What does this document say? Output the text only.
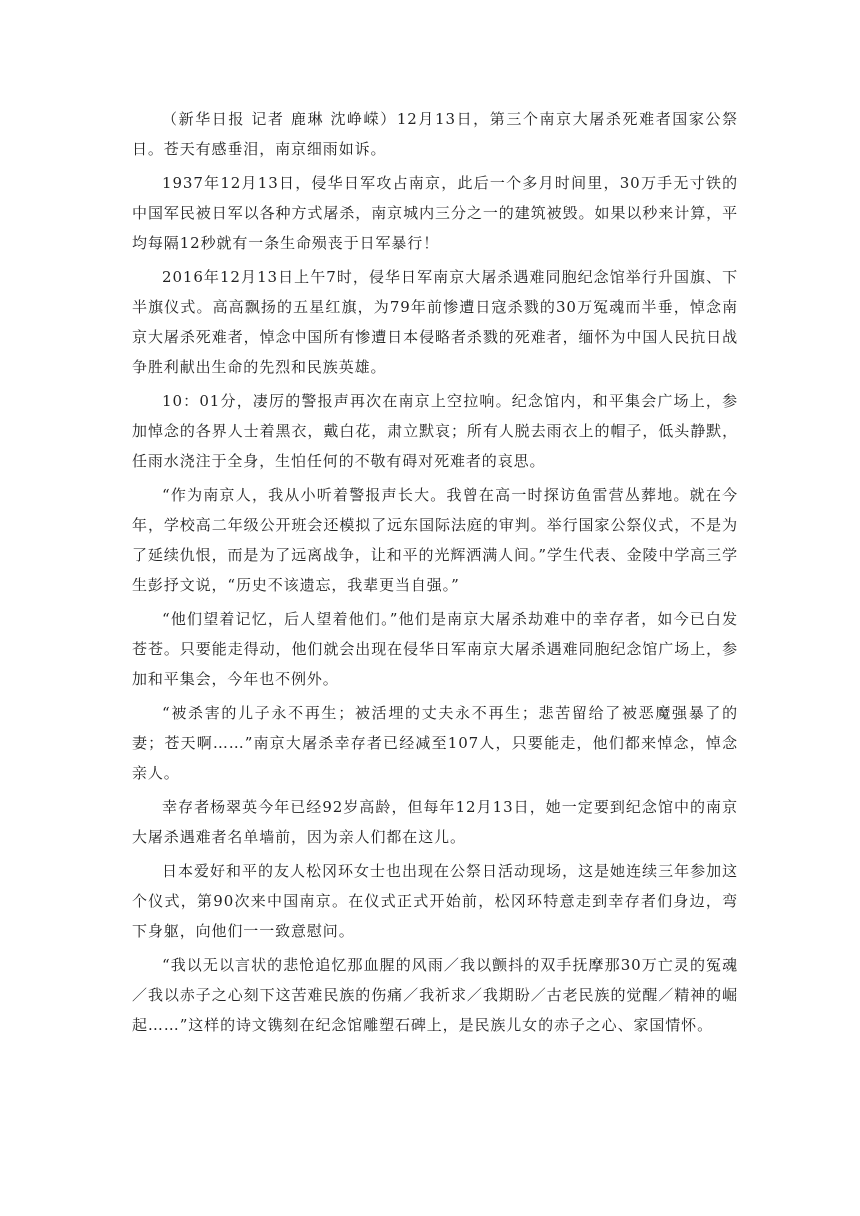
（新华日报 记者 鹿琳 沈峥嵘）12月13日，第三个南京大屠杀死难者国家公祭日。苍天有感垂泪，南京细雨如诉。

1937年12月13日，侵华日军攻占南京，此后一个多月时间里，30万手无寸铁的中国军民被日军以各种方式屠杀，南京城内三分之一的建筑被毁。如果以秒来计算，平均每隔12秒就有一条生命殒丧于日军暴行！

2016年12月13日上午7时，侵华日军南京大屠杀遇难同胞纪念馆举行升国旗、下半旗仪式。高高飘扬的五星红旗，为79年前惨遭日寇杀戮的30万冤魂而半垂，悼念南京大屠杀死难者，悼念中国所有惨遭日本侵略者杀戮的死难者，缅怀为中国人民抗日战争胜利献出生命的先烈和民族英雄。

10：01分，凄厉的警报声再次在南京上空拉响。纪念馆内，和平集会广场上，参加悼念的各界人士着黑衣，戴白花，肃立默哀；所有人脱去雨衣上的帽子，低头静默，任雨水浇注于全身，生怕任何的不敬有碍对死难者的哀思。

“作为南京人，我从小听着警报声长大。我曾在高一时探访鱼雷营丛葬地。就在今年，学校高二年级公开班会还模拟了远东国际法庭的审判。举行国家公祭仪式，不是为了延续仇恨，而是为了远离战争，让和平的光辉洒满人间。”学生代表、金陵中学高三学生彭抒文说，“历史不该遗忘，我辈更当自强。”

“他们望着记忆，后人望着他们。”他们是南京大屠杀劫难中的幸存者，如今已白发苍苍。只要能走得动，他们就会出现在侵华日军南京大屠杀遇难同胞纪念馆广场上，参加和平集会，今年也不例外。

“被杀害的儿子永不再生；被活埋的丈夫永不再生；悲苦留给了被恶魔强暴了的妻；苍天啊……”南京大屠杀幸存者已经减至107人，只要能走，他们都来悼念，悼念亲人。

幸存者杨翠英今年已经92岁高龄，但每年12月13日，她一定要到纪念馆中的南京大屠杀遇难者名单墙前，因为亲人们都在这儿。

日本爱好和平的友人松冈环女士也出现在公祭日活动现场，这是她连续三年参加这个仪式，第90次来中国南京。在仪式正式开始前，松冈环特意走到幸存者们身边，弯下身躯，向他们一一致意慰问。

“我以无以言状的悲怆追忆那血腥的风雨／我以颤抖的双手抚摩那30万亡灵的冤魂／我以赤子之心刻下这苦难民族的伤痛／我祈求／我期盼／古老民族的觉醒／精神的崛起……”这样的诗文镌刻在纪念馆雕塑石碑上，是民族儿女的赤子之心、家国情怀。
